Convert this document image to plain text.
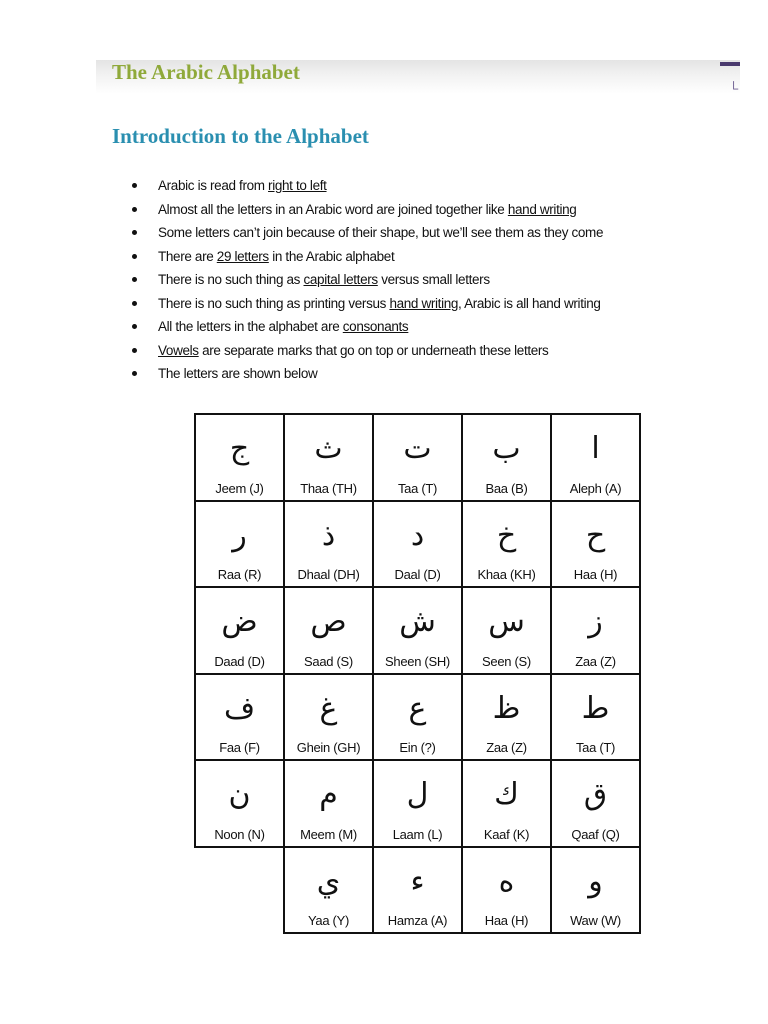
└
The Arabic Alphabet
Introduction to the Alphabet
Arabic is read from right to left
Almost all the letters in an Arabic word are joined together like hand writing
Some letters can’t join because of their shape, but we’ll see them as they come
There are 29 letters in the Arabic alphabet
There is no such thing as capital letters versus small letters
There is no such thing as printing versus hand writing, Arabic is all hand writing
All the letters in the alphabet are consonants
Vowels are separate marks that go on top or underneath these letters
The letters are shown below
ج
Jeem (J)
ث
Thaa (TH)
ت
Taa (T)
ب
Baa (B)
ا
Aleph (A)
ر
Raa (R)
ذ
Dhaal (DH)
د
Daal (D)
خ
Khaa (KH)
ح
Haa (H)
ض
Daad (D)
ص
Saad (S)
ش
Sheen (SH)
س
Seen (S)
ز
Zaa (Z)
ف
Faa (F)
غ
Ghein (GH)
ع
Ein (?)
ظ
Zaa (Z)
ط
Taa (T)
ن
Noon (N)
م
Meem (M)
ل
Laam (L)
ك
Kaaf (K)
ق
Qaaf (Q)
ي
Yaa (Y)
ء
Hamza (A)
ه
Haa (H)
و
Waw (W)
